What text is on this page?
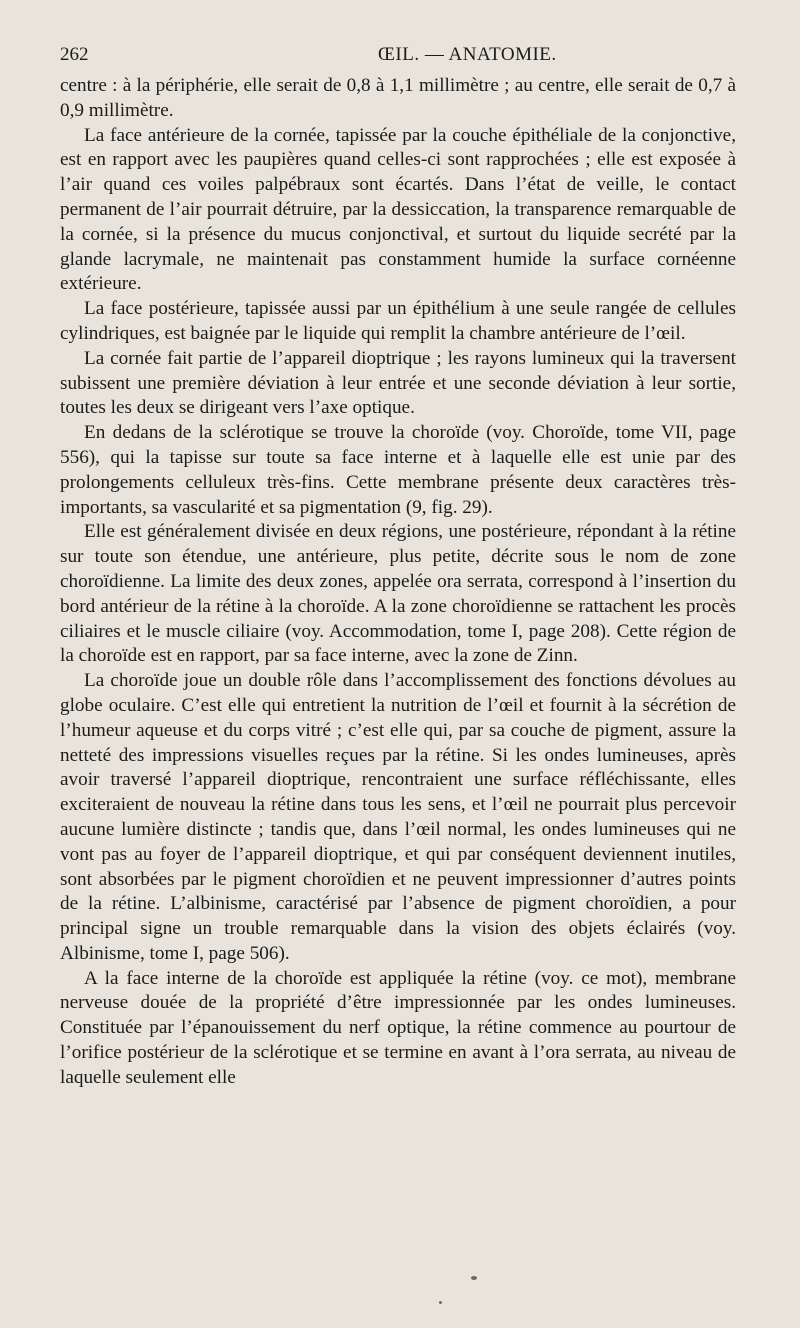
262	ŒIL. — ANATOMIE.

centre : à la périphérie, elle serait de 0,8 à 1,1 millimètre ; au centre, elle serait de 0,7 à 0,9 millimètre.

La face antérieure de la cornée, tapissée par la couche épithéliale de la conjonctive, est en rapport avec les paupières quand celles-ci sont rapprochées ; elle est exposée à l’air quand ces voiles palpébraux sont écartés. Dans l’état de veille, le contact permanent de l’air pourrait détruire, par la dessiccation, la transparence remarquable de la cornée, si la présence du mucus conjonctival, et surtout du liquide secrété par la glande lacrymale, ne maintenait pas constamment humide la surface cornéenne extérieure.

La face postérieure, tapissée aussi par un épithélium à une seule rangée de cellules cylindriques, est baignée par le liquide qui remplit la chambre antérieure de l’œil.

La cornée fait partie de l’appareil dioptrique ; les rayons lumineux qui la traversent subissent une première déviation à leur entrée et une seconde déviation à leur sortie, toutes les deux se dirigeant vers l’axe optique.

En dedans de la sclérotique se trouve la choroïde (voy. Choroïde, tome VII, page 556), qui la tapisse sur toute sa face interne et à laquelle elle est unie par des prolongements celluleux très-fins. Cette membrane présente deux caractères très-importants, sa vascularité et sa pigmentation (9, fig. 29).

Elle est généralement divisée en deux régions, une postérieure, répondant à la rétine sur toute son étendue, une antérieure, plus petite, décrite sous le nom de zone choroïdienne. La limite des deux zones, appelée ora serrata, correspond à l’insertion du bord antérieur de la rétine à la choroïde. A la zone choroïdienne se rattachent les procès ciliaires et le muscle ciliaire (voy. Accommodation, tome I, page 208). Cette région de la choroïde est en rapport, par sa face interne, avec la zone de Zinn.

La choroïde joue un double rôle dans l’accomplissement des fonctions dévolues au globe oculaire. C’est elle qui entretient la nutrition de l’œil et fournit à la sécrétion de l’humeur aqueuse et du corps vitré ; c’est elle qui, par sa couche de pigment, assure la netteté des impressions visuelles reçues par la rétine. Si les ondes lumineuses, après avoir traversé l’appareil dioptrique, rencontraient une surface réfléchissante, elles exciteraient de nouveau la rétine dans tous les sens, et l’œil ne pourrait plus percevoir aucune lumière distincte ; tandis que, dans l’œil normal, les ondes lumineuses qui ne vont pas au foyer de l’appareil dioptrique, et qui par conséquent deviennent inutiles, sont absorbées par le pigment choroïdien et ne peuvent impressionner d’autres points de la rétine. L’albinisme, caractérisé par l’absence de pigment choroïdien, a pour principal signe un trouble remarquable dans la vision des objets éclairés (voy. Albinisme, tome I, page 506).

A la face interne de la choroïde est appliquée la rétine (voy. ce mot), membrane nerveuse douée de la propriété d’être impressionnée par les ondes lumineuses. Constituée par l’épanouissement du nerf optique, la rétine commence au pourtour de l’orifice postérieur de la sclérotique et se termine en avant à l’ora serrata, au niveau de laquelle seulement elle
